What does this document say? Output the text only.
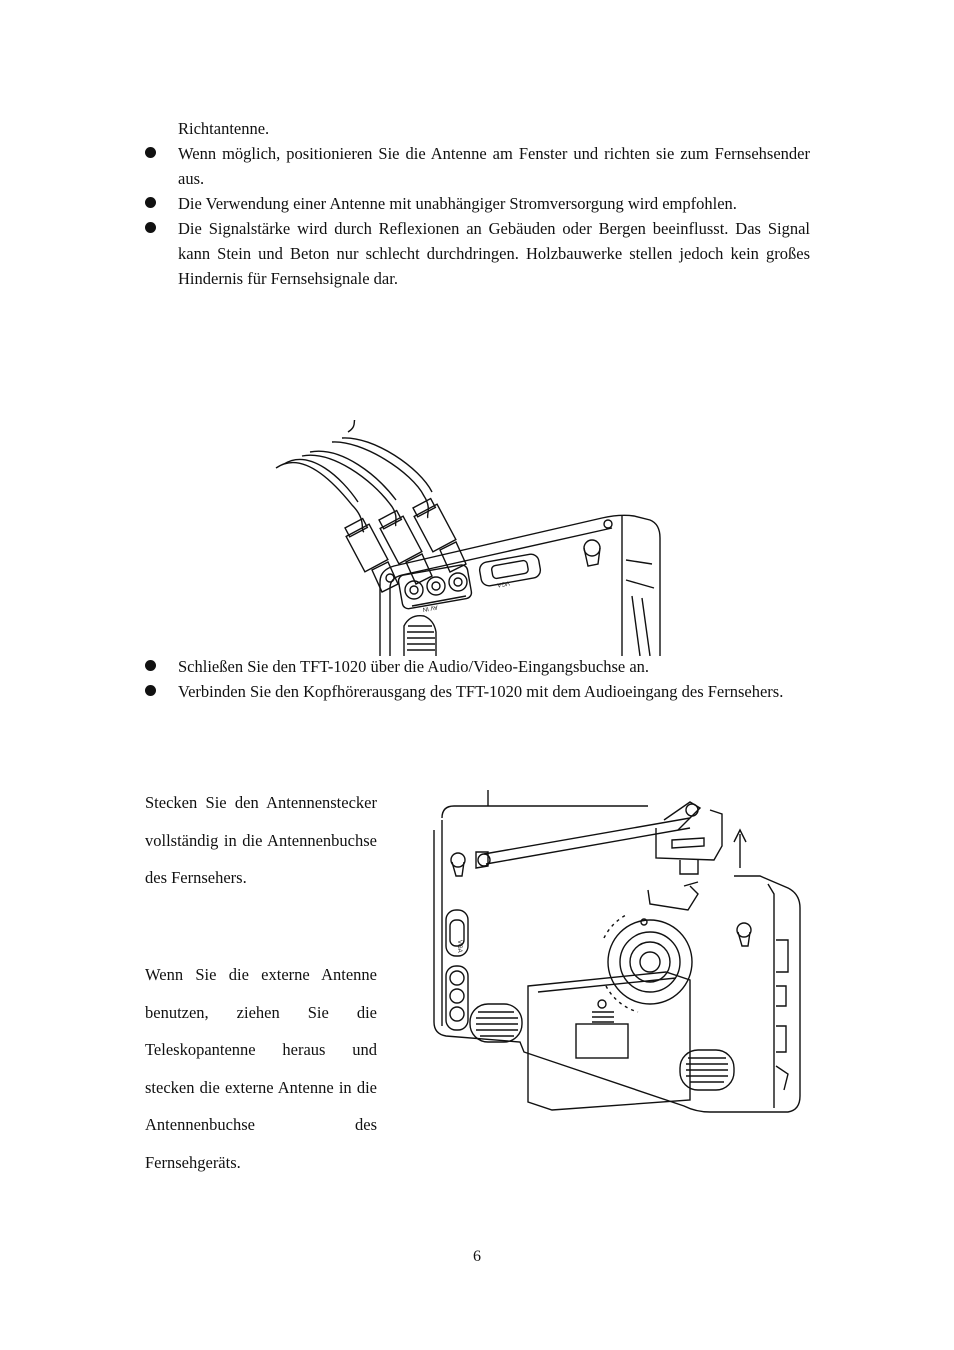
Richtantenne.

Wenn möglich, positionieren Sie die Antenne am Fenster und richten sie zum Fernsehsender aus.
Die Verwendung einer Antenne mit unabhängiger Stromversorgung wird empfohlen.
Die Signalstärke wird durch Reflexionen an Gebäuden oder Bergen beeinflusst. Das Signal kann Stein und Beton nur schlecht durchdringen. Holzbauwerke stellen jedoch kein großes Hindernis für Fernsehsignale dar.
AV IN
VGA
Schließen Sie den TFT-1020 über die Audio/Video-Eingangsbuchse an.
Verbinden Sie den Kopfhörerausgang des TFT-1020 mit dem Audioeingang des Fernsehers.

Stecken Sie den Antennenstecker vollständig in die Antennenbuchse des Fernsehers.

Wenn Sie die externe Antenne benutzen, ziehen Sie die Teleskopantenne heraus und stecken die externe Antenne in die Antennenbuchse des Fernsehgeräts.

VGA
6
